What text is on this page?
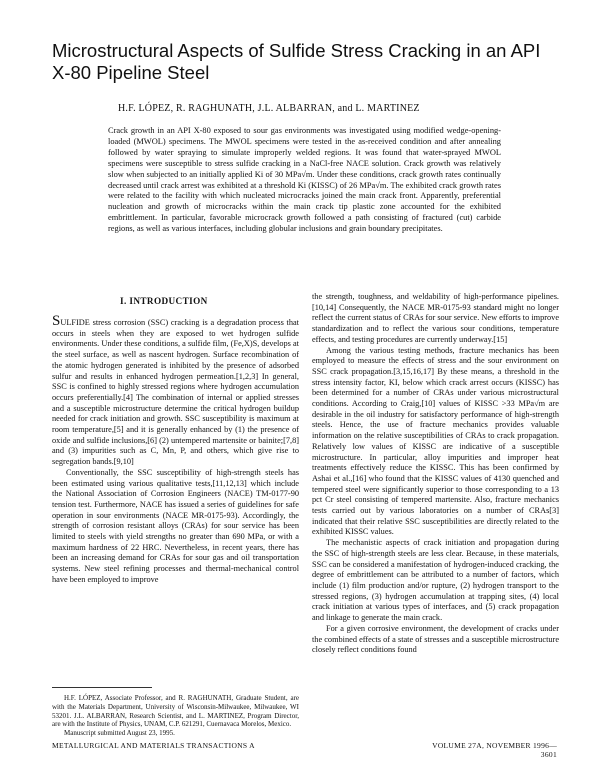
Microstructural Aspects of Sulfide Stress Cracking in an API X-80 Pipeline Steel
H.F. LÓPEZ, R. RAGHUNATH, J.L. ALBARRAN, and L. MARTINEZ
Crack growth in an API X-80 exposed to sour gas environments was investigated using modified wedge-opening-loaded (MWOL) specimens. The MWOL specimens were tested in the as-received condition and after annealing followed by water spraying to simulate improperly welded regions. It was found that water-sprayed MWOL specimens were susceptible to stress sulfide cracking in a NaCl-free NACE solution. Crack growth was relatively slow when subjected to an initially applied Ki of 30 MPa√m. Under these conditions, crack growth rates continually decreased until crack arrest was exhibited at a threshold Ki (KISSC) of 26 MPa√m. The exhibited crack growth rates were related to the facility with which nucleated microcracks joined the main crack front. Apparently, preferential nucleation and growth of microcracks within the main crack tip plastic zone accounted for the exhibited embrittlement. In particular, favorable microcrack growth followed a path consisting of fractured (cut) carbide regions, as well as various interfaces, including globular inclusions and grain boundary precipitates.
I. INTRODUCTION

SULFIDE stress corrosion (SSC) cracking is a degradation process that occurs in steels when they are exposed to wet hydrogen sulfide environments. Under these conditions, a sulfide film, (Fe,X)S, develops at the steel surface, as well as nascent hydrogen. Surface recombination of the atomic hydrogen generated is inhibited by the presence of adsorbed sulfur and results in enhanced hydrogen permeation.[1,2,3] In general, SSC is confined to highly stressed regions where hydrogen accumulation occurs preferentially.[4] The combination of internal or applied stresses and a susceptible microstructure determine the critical hydrogen buildup needed for crack initiation and growth. SSC susceptibility is maximum at room temperature,[5] and it is generally enhanced by (1) the presence of oxide and sulfide inclusions,[6] (2) untempered martensite or bainite;[7,8] and (3) impurities such as C, Mn, P, and others, which give rise to segregation bands.[9,10]

Conventionally, the SSC susceptibility of high-strength steels has been estimated using various qualitative tests,[11,12,13] which include the National Association of Corrosion Engineers (NACE) TM-0177-90 tension test. Furthermore, NACE has issued a series of guidelines for safe operation in sour environments (NACE MR-0175-93). Accordingly, the strength of corrosion resistant alloys (CRAs) for sour service has been limited to steels with yield strengths no greater than 690 MPa, or with a maximum hardness of 22 HRC. Nevertheless, in recent years, there has been an increasing demand for CRAs for sour gas and oil transportation systems. New steel refining processes and thermal-mechanical control have been employed to improve

the strength, toughness, and weldability of high-performance pipelines.[10,14] Consequently, the NACE MR-0175-93 standard might no longer reflect the current status of CRAs for sour service. New efforts to improve standardization and to reflect the various sour conditions, temperature effects, and testing procedures are currently underway.[15]

Among the various testing methods, fracture mechanics has been employed to measure the effects of stress and the sour environment on SSC crack propagation.[3,15,16,17] By these means, a threshold in the stress intensity factor, KI, below which crack arrest occurs (KISSC) has been determined for a number of CRAs under various microstructural conditions. According to Craig,[10] values of KISSC >33 MPa√m are desirable in the oil industry for satisfactory performance of high-strength steels. Hence, the use of fracture mechanics provides valuable information on the relative susceptibilities of CRAs to crack propagation. Relatively low values of KISSC are indicative of a susceptible microstructure. In particular, alloy impurities and improper heat treatments effectively reduce the KISSC. This has been confirmed by Ashai et al.,[16] who found that the KISSC values of 4130 quenched and tempered steel were significantly superior to those corresponding to a 13 pct Cr steel consisting of tempered martensite. Also, fracture mechanics tests carried out by various laboratories on a number of CRAs[3] indicated that their relative SSC susceptibilities are directly related to the exhibited KISSC values.

The mechanistic aspects of crack initiation and propagation during the SSC of high-strength steels are less clear. Because, in these materials, SSC can be considered a manifestation of hydrogen-induced cracking, the degree of embrittlement can be attributed to a number of factors, which include (1) film production and/or rupture, (2) hydrogen transport to the stressed regions, (3) hydrogen accumulation at trapping sites, (4) local crack initiation at various types of interfaces, and (5) crack propagation and linkage to generate the main crack.

For a given corrosive environment, the development of cracks under the combined effects of a state of stresses and a susceptible microstructure closely reflect conditions found

H.F. LÓPEZ, Associate Professor, and R. RAGHUNATH, Graduate Student, are with the Materials Department, University of Wisconsin-Milwaukee, Milwaukee, WI 53201. J.L. ALBARRAN, Research Scientist, and L. MARTINEZ, Program Director, are with the Institute of Physics, UNAM, C.P. 621291, Cuernavaca Morelos, Mexico.

Manuscript submitted August 23, 1995.

METALLURGICAL AND MATERIALS TRANSACTIONS A	VOLUME 27A, NOVEMBER 1996—3601
